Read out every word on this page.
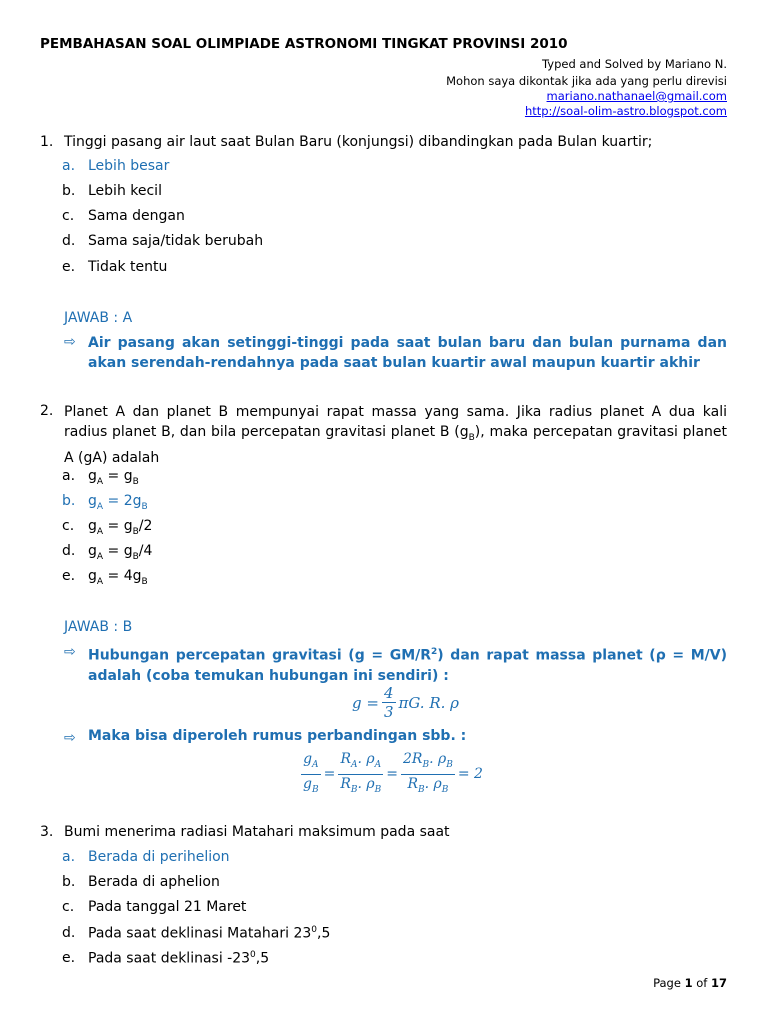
PEMBAHASAN SOAL OLIMPIADE ASTRONOMI TINGKAT PROVINSI 2010
Typed and Solved by Mariano N.
Mohon saya dikontak jika ada yang perlu direvisi
mariano.nathanael@gmail.com
http://soal-olim-astro.blogspot.com
1. Tinggi pasang air laut saat Bulan Baru (konjungsi) dibandingkan pada Bulan kuartir;
a. Lebih besar
b. Lebih kecil
c. Sama dengan
d. Sama saja/tidak berubah
e. Tidak tentu
JAWAB : A
⇨ Air pasang akan setinggi-tinggi pada saat bulan baru dan bulan purnama dan akan serendah-rendahnya pada saat bulan kuartir awal maupun kuartir akhir
2. Planet A dan planet B mempunyai rapat massa yang sama. Jika radius planet A dua kali radius planet B, dan bila percepatan gravitasi planet B $(g_B)$, maka percepatan gravitasi planet A (gA) adalah
a. $g_A = g_B$
b. $g_A = 2g_B$
c. $g_A = g_B/2$
d. $g_A = g_B/4$
e. $g_A = 4g_B$
JAWAB : B
⇨ Hubungan percepatan gravitasi $(g = GM/R^2)$ dan rapat massa planet (ρ = M/V) adalah (coba temukan hubungan ini sendiri) :
$g = \frac{4}{3} \pi G$. R. ρ
⇨ Maka bisa diperoleh rumus perbandingan sbb. :
$\frac{g_A}{g_B} = \frac{R_A. \rho_A}{R_B. \rho_B} = \frac{2R_B. \rho_B}{R_B. \rho_B} = 2$
3. Bumi menerima radiasi Matahari maksimum pada saat
a. Berada di perihelion
b. Berada di aphelion
c. Pada tanggal 21 Maret
d. Pada saat deklinasi Matahari $23^0,5$
e. Pada saat deklinasi $-23^0,5$
Page 1 of 17
